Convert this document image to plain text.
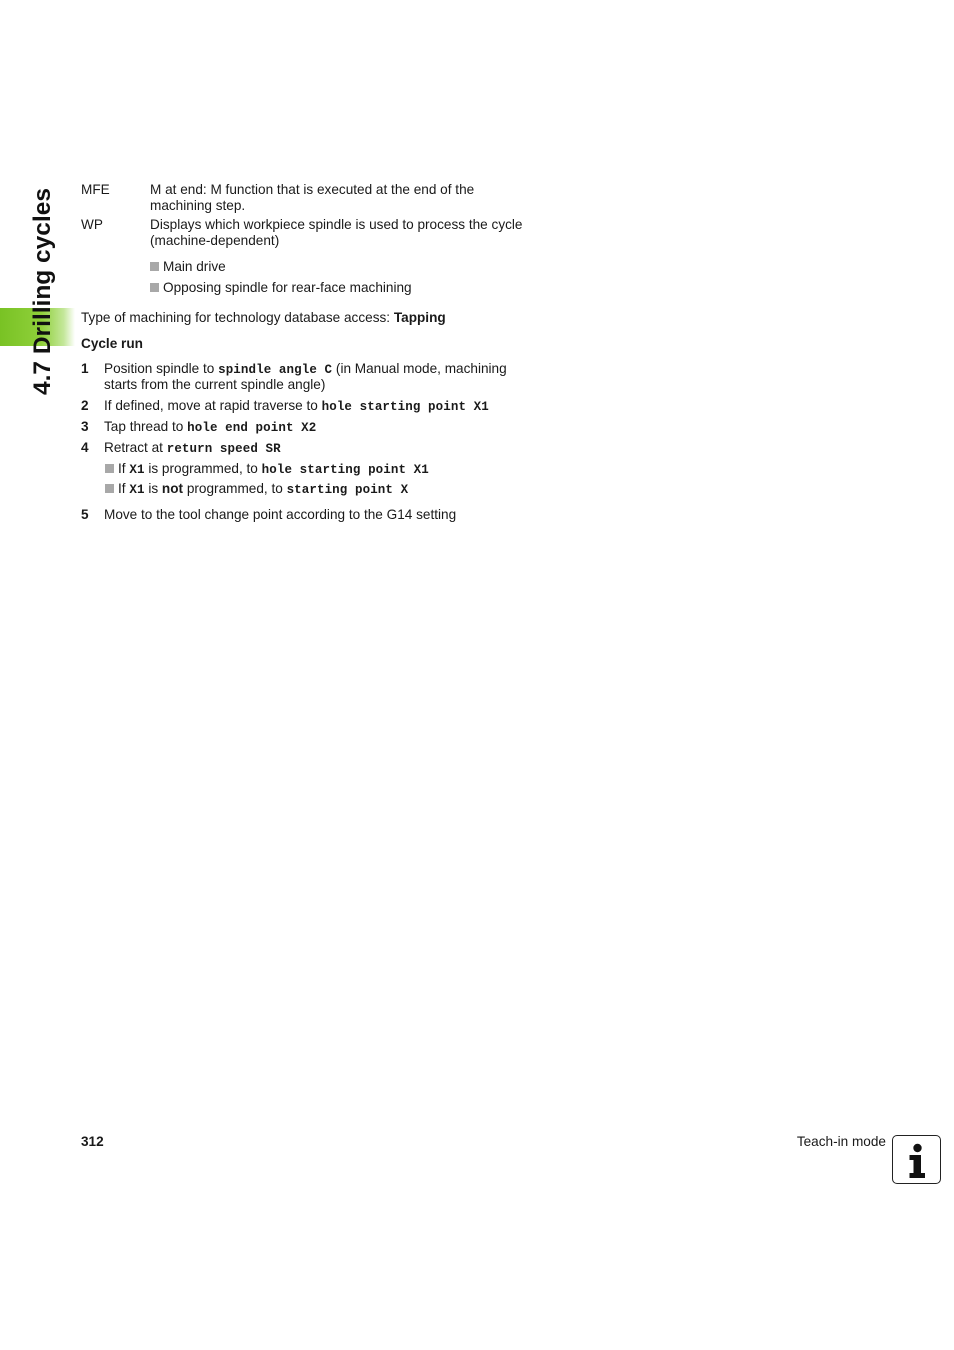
4.7 Drilling cycles MFE	M at end: M function that is executed at the end of the machining step.
WP	Displays which workpiece spindle is used to process the cycle (machine-dependent)
Main drive
Opposing spindle for rear-face machining
Type of machining for technology database access: Tapping
Cycle run
1 Position spindle to spindle angle C (in Manual mode, machining
starts from the current spindle angle)
2 If defined, move at rapid traverse to hole starting point X1
3 Tap thread to hole end point X2
4 Retract at return speed SR
If X1 is programmed, to hole starting point X1
If X1 is not programmed, to starting point X
5 Move to the tool change point according to the G14 setting
312	Teach-in mode
